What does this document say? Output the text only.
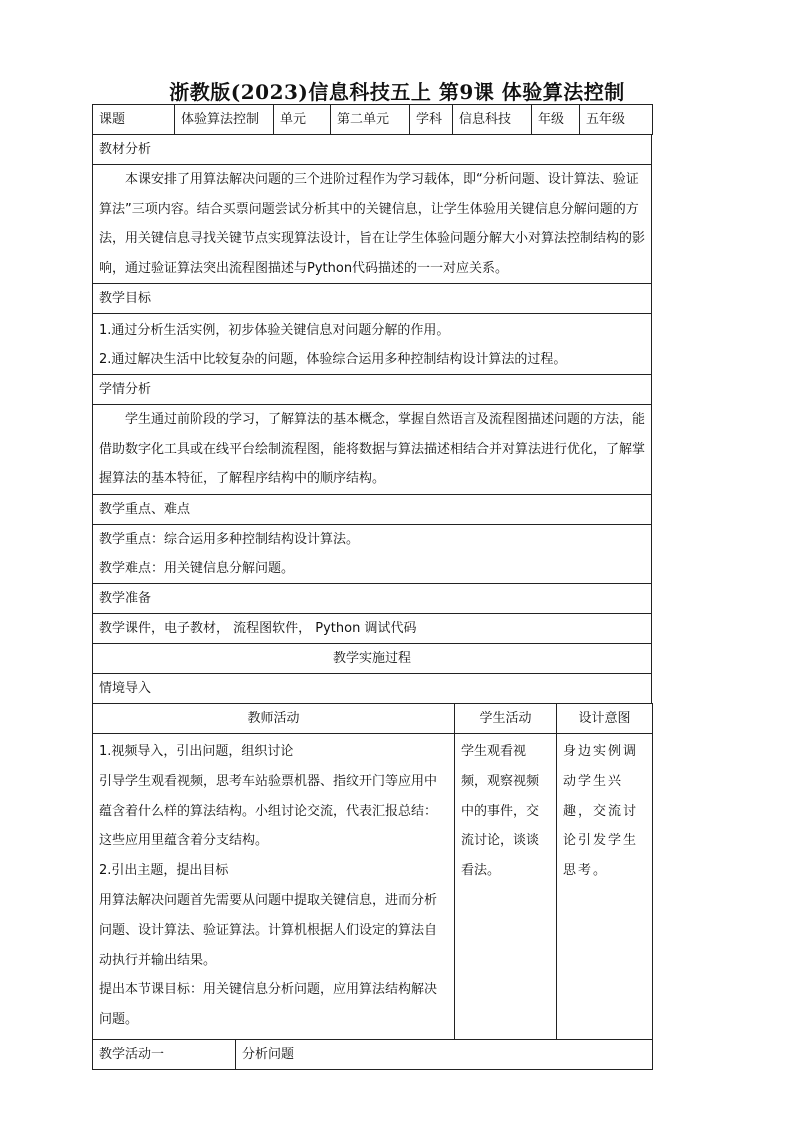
浙教版(2023)信息科技五上 第9课 体验算法控制
课题	体验算法控制	单元	第二单元	学科	信息科技	年级	五年级
教材分析
本课安排了用算法解决问题的三个进阶过程作为学习载体，即“分析问题、设计算法、验证算法”三项内容。结合买票问题尝试分析其中的关键信息，让学生体验用关键信息分解问题的方法，用关键信息寻找关键节点实现算法设计，旨在让学生体验问题分解大小对算法控制结构的影响，通过验证算法突出流程图描述与Python代码描述的一一对应关系。
教学目标

1.通过分析生活实例，初步体验关键信息对问题分解的作用。
2.通过解决生活中比较复杂的问题，体验综合运用多种控制结构设计算法的过程。

学情分析
学生通过前阶段的学习，了解算法的基本概念，掌握自然语言及流程图描述问题的方法，能借助数字化工具或在线平台绘制流程图，能将数据与算法描述相结合并对算法进行优化，了解掌握算法的基本特征，了解程序结构中的顺序结构。
教学重点、难点

教学重点：综合运用多种控制结构设计算法。
教学难点：用关键信息分解问题。

教学准备
教学课件，电子教材， 流程图软件， Python 调试代码
教学实施过程
情境导入
教师活动	学生活动	设计意图

1.视频导入，引出问题，组织讨论
引导学生观看视频，思考车站验票机器、指纹开门等应用中蕴含着什么样的算法结构。小组讨论交流，代表汇报总结：这些应用里蕴含着分支结构。
2.引出主题，提出目标
用算法解决问题首先需要从问题中提取关键信息，进而分析问题、设计算法、验证算法。计算机根据人们设定的算法自动执行并输出结果。
提出本节课目标：用关键信息分析问题，应用算法结构解决问题。	学生观看视频，观察视频中的事件，交流讨论，谈谈看法。	身边实例调动学生兴趣，交流讨论引发学生思考。
教学活动一	分析问题
